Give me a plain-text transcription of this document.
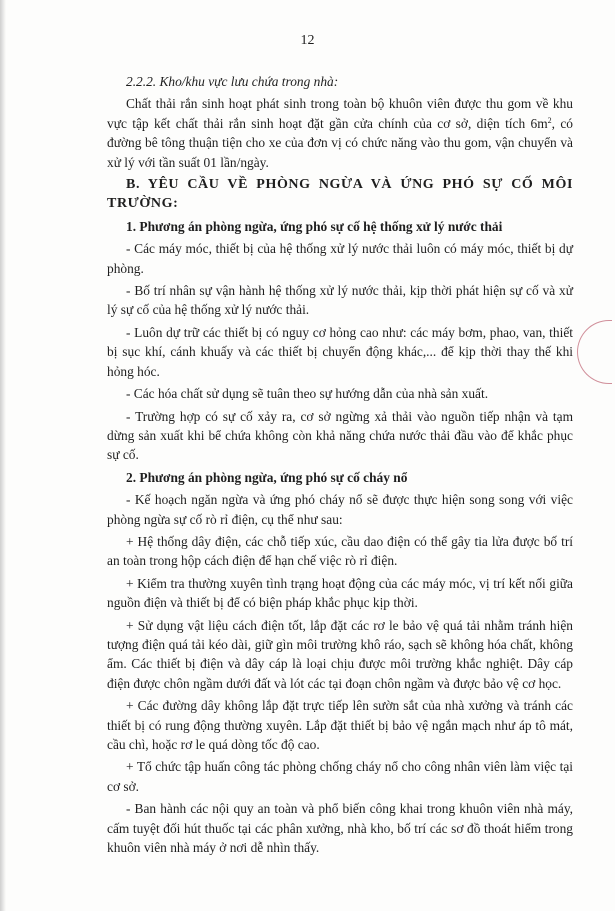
12

2.2.2. Kho/khu vực lưu chứa trong nhà:

Chất thải rắn sinh hoạt phát sinh trong toàn bộ khuôn viên được thu gom về khu vực tập kết chất thải rắn sinh hoạt đặt gần cửa chính của cơ sở, diện tích $6m^2$, có đường bê tông thuận tiện cho xe của đơn vị có chức năng vào thu gom, vận chuyển và xử lý với tần suất 01 lần/ngày.

B. YÊU CẦU VỀ PHÒNG NGỪA VÀ ỨNG PHÓ SỰ CỐ MÔI TRƯỜNG:

1. Phương án phòng ngừa, ứng phó sự cố hệ thống xử lý nước thải

- Các máy móc, thiết bị của hệ thống xử lý nước thải luôn có máy móc, thiết bị dự phòng.

- Bố trí nhân sự vận hành hệ thống xử lý nước thải, kịp thời phát hiện sự cố và xử lý sự cố của hệ thống xử lý nước thải.

- Luôn dự trữ các thiết bị có nguy cơ hỏng cao như: các máy bơm, phao, van, thiết bị sục khí, cánh khuấy và các thiết bị chuyển động khác,... để kịp thời thay thế khi hỏng hóc.

- Các hóa chất sử dụng sẽ tuân theo sự hướng dẫn của nhà sản xuất.

- Trường hợp có sự cố xảy ra, cơ sở ngừng xả thải vào nguồn tiếp nhận và tạm dừng sản xuất khi bể chứa không còn khả năng chứa nước thải đầu vào để khắc phục sự cố.

2. Phương án phòng ngừa, ứng phó sự cố cháy nổ

- Kế hoạch ngăn ngừa và ứng phó cháy nổ sẽ được thực hiện song song với việc phòng ngừa sự cố rò rỉ điện, cụ thể như sau:

+ Hệ thống dây điện, các chỗ tiếp xúc, cầu dao điện có thể gây tia lửa được bố trí an toàn trong hộp cách điện để hạn chế việc rò rỉ điện.

+ Kiểm tra thường xuyên tình trạng hoạt động của các máy móc, vị trí kết nối giữa nguồn điện và thiết bị để có biện pháp khắc phục kịp thời.

+ Sử dụng vật liệu cách điện tốt, lắp đặt các rơ le bảo vệ quá tải nhằm tránh hiện tượng điện quá tải kéo dài, giữ gìn môi trường khô ráo, sạch sẽ không hóa chất, không ẩm. Các thiết bị điện và dây cáp là loại chịu được môi trường khắc nghiệt. Dây cáp điện được chôn ngầm dưới đất và lót các tại đoạn chôn ngầm và được bảo vệ cơ học.

+ Các đường dây không lắp đặt trực tiếp lên sườn sắt của nhà xưởng và tránh các thiết bị có rung động thường xuyên. Lắp đặt thiết bị bảo vệ ngắn mạch như áp tô mát, cầu chì, hoặc rơ le quá dòng tốc độ cao.

+ Tổ chức tập huấn công tác phòng chống cháy nổ cho công nhân viên làm việc tại cơ sở.

- Ban hành các nội quy an toàn và phổ biến công khai trong khuôn viên nhà máy, cấm tuyệt đối hút thuốc tại các phân xưởng, nhà kho, bố trí các sơ đồ thoát hiểm trong khuôn viên nhà máy ở nơi dễ nhìn thấy.
